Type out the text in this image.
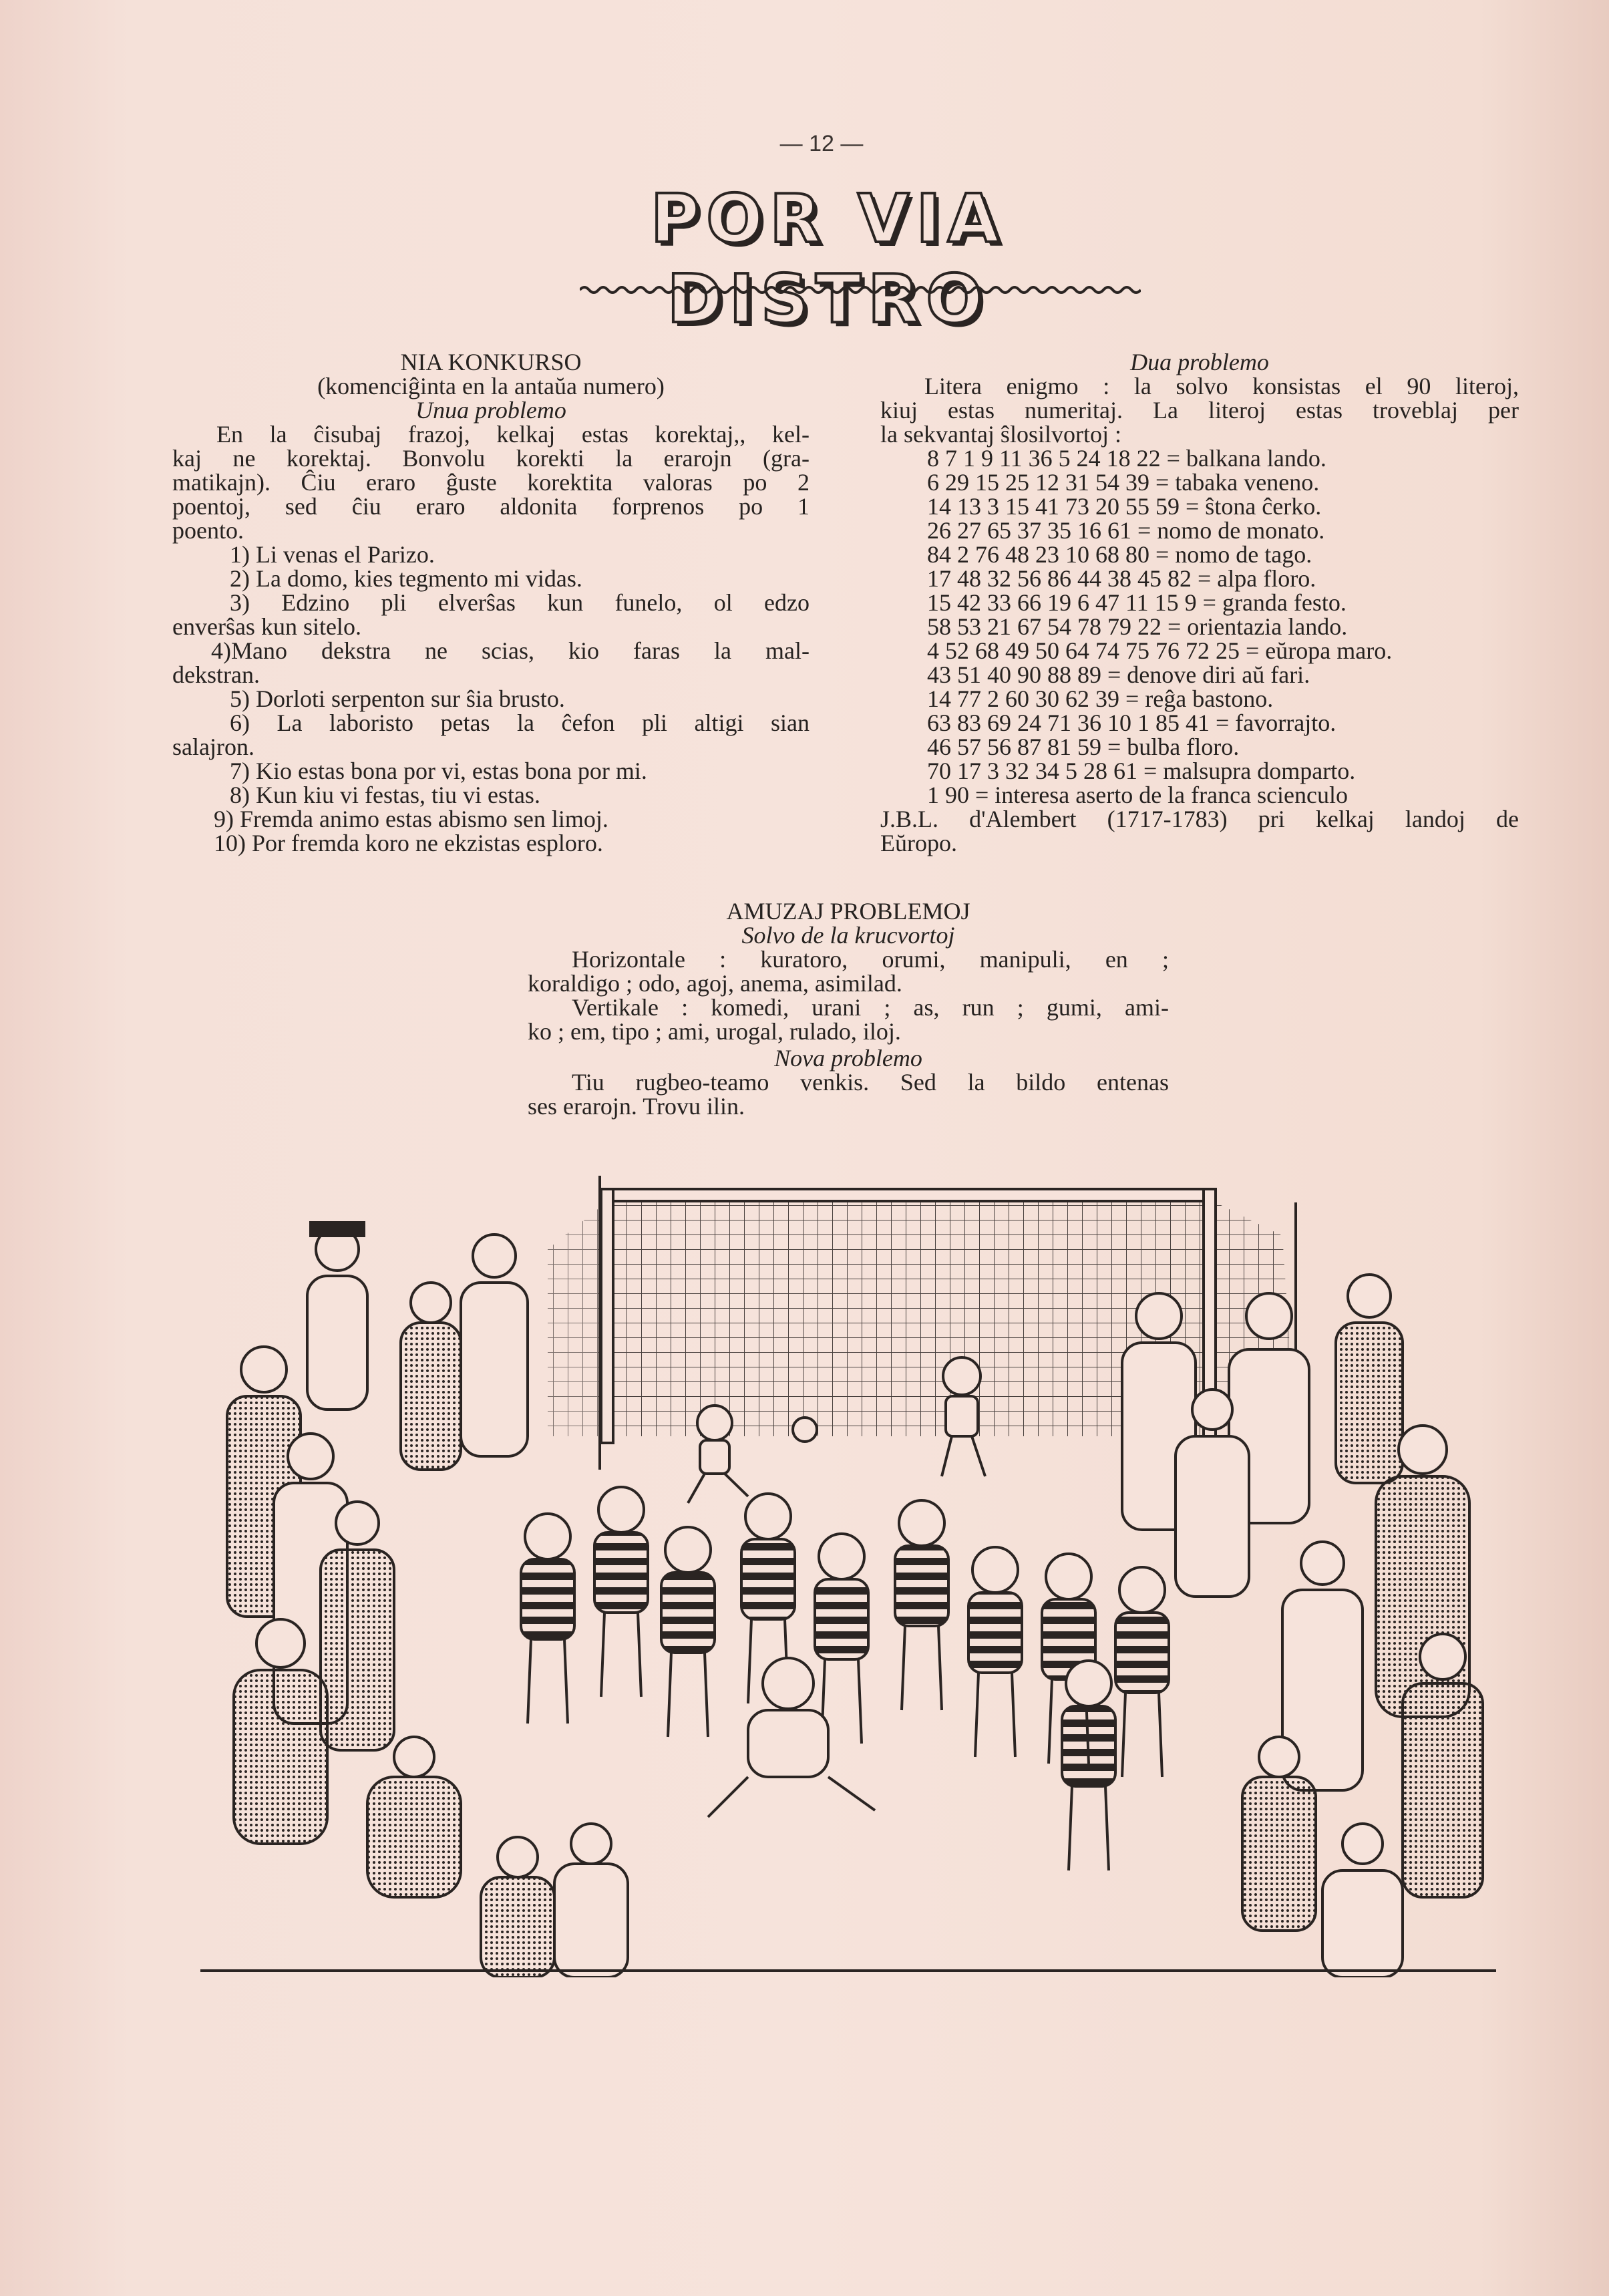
— 12 —
POR VIA DISTRO
NIA KONKURSO
(komenciĝinta en la antaŭa numero)
Unua problemo
En la ĉisubaj frazoj, kelkaj estas korektaj,, kel-
kaj ne korektaj. Bonvolu korekti la erarojn (gra-
matikajn). Ĉiu eraro ĝuste korektita valoras po 2
poentoj, sed ĉiu eraro aldonita forprenos po 1
poento.
1) Li venas el Parizo.
2) La domo, kies tegmento mi vidas.
3) Edzino pli elverŝas kun funelo, ol edzo
enverŝas kun sitelo.
4)Mano dekstra ne scias, kio faras la mal-
dekstran.
5) Dorloti serpenton sur ŝia brusto.
6) La laboristo petas la ĉefon pli altigi sian
salajron.
7) Kio estas bona por vi, estas bona por mi.
8) Kun kiu vi festas, tiu vi estas.
9) Fremda animo estas abismo sen limoj.
10) Por fremda koro ne ekzistas esploro.
Dua problemo
Litera enigmo : la solvo konsistas el 90 literoj,
kiuj estas numeritaj. La literoj estas troveblaj per
la sekvantaj ŝlosilvortoj :
8 7 1 9 11 36 5 24 18 22 = balkana lando.
6 29 15 25 12 31 54 39 = tabaka veneno.
14 13 3 15 41 73 20 55 59 = ŝtona ĉerko.
26 27 65 37 35 16 61 = nomo de monato.
84 2 76 48 23 10 68 80 = nomo de tago.
17 48 32 56 86 44 38 45 82 = alpa floro.
15 42 33 66 19 6 47 11 15 9 = granda festo.
58 53 21 67 54 78 79 22 = orientazia lando.
4 52 68 49 50 64 74 75 76 72 25 = eŭropa maro.
43 51 40 90 88 89 = denove diri aŭ fari.
14 77 2 60 30 62 39 = reĝa bastono.
63 83 69 24 71 36 10 1 85 41 = favorrajto.
46 57 56 87 81 59 = bulba floro.
70 17 3 32 34 5 28 61 = malsupra domparto.
1 90 = interesa aserto de la franca scienculo
J.B.L. d'Alembert (1717-1783) pri kelkaj landoj de
Eŭropo.
AMUZAJ PROBLEMOJ
Solvo de la krucvortoj
Horizontale : kuratoro, orumi, manipuli, en ;
koraldigo ; odo, agoj, anema, asimilad.
Vertikale : komedi, urani ; as, run ; gumi, ami-
ko ; em, tipo ; ami, urogal, rulado, iloj.
Nova problemo
Tiu rugbeo-teamo venkis. Sed la bildo entenas
ses erarojn. Trovu ilin.
